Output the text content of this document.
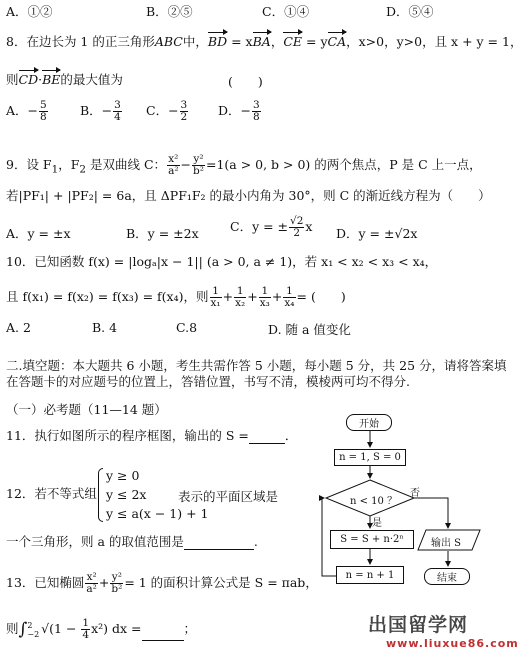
A．①②	B．②⑤	C．①④	D．⑤④
8．在边长为 1 的正三角形ABC中，BD = xBA，CE = yCA，x>0，y>0，且 x + y = 1，
则CD·BE的最大值为	(　　)
A．− $\frac{5}{8}$	B．− $\frac{3}{4}$ C．− $\frac{3}{2}$ D．− $\frac{3}{8}$
9．设 $F_1$，$F_2$ 是双曲线 C： $\frac{\text{x²}}{\text{a²}} - \frac{\text{y²}}{\text{b²}} =1(a > 0$, b > 0) 的两个焦点，P 是 C 上一点，
若|PF₁| + |PF₂| = 6a，且 ΔPF₁F₂ 的最小内角为 30°，则 C 的渐近线方程为（　　）
A．y = ±x	B．y = ±2x	C．y = ± $\frac{√2}{2}$ x D．y = ±√2x
10．已知函数 f(x) = |logₐ|x − 1|| (a > 0, a ≠ 1)，若 x₁ < x₂ < x₃ < x₄，
且 f(x₁) = f(x₂) = f(x₃) = f(x₄)，则 $\frac{1}{\text{x₁}} + \frac{1}{\text{x₂}} + \frac{1}{\text{x₃}} + \frac{1}{\text{x₄}}$ = (　　)
A. 2	B. 4	C.8	D. 随 a 值变化
二.填空题：本大题共 6 小题，考生共需作答 5 小题，每小题 5 分，共 25 分，请将答案填
在答题卡的对应题号的位置上，答错位置，书写不清，模棱两可均不得分.
（一）必考题（11—14 题）
11．执行如图所示的程序框图，输出的 S =	．
12．若不等式组
y ≥ 0
y ≤ 2x
y ≤ a(x − 1) + 1
表示的平面区域是
一个三角形，则 a 的取值范围是	.
13．已知椭圆 $\frac{\text{x²}}{\text{a²}} + \frac{\text{y²}}{\text{b²}} = 1$ 的面积计算公式是 S = πab，
则∫ 2
−2 $√(1 - \frac{1}{4} x^2)$ dx =	；
开始
n = 1, S = 0
n < 10 ？
是
否
S = S + n·2ⁿ
n = n + 1
输出 S
结束
出国留学网
www.liuxue86.com
